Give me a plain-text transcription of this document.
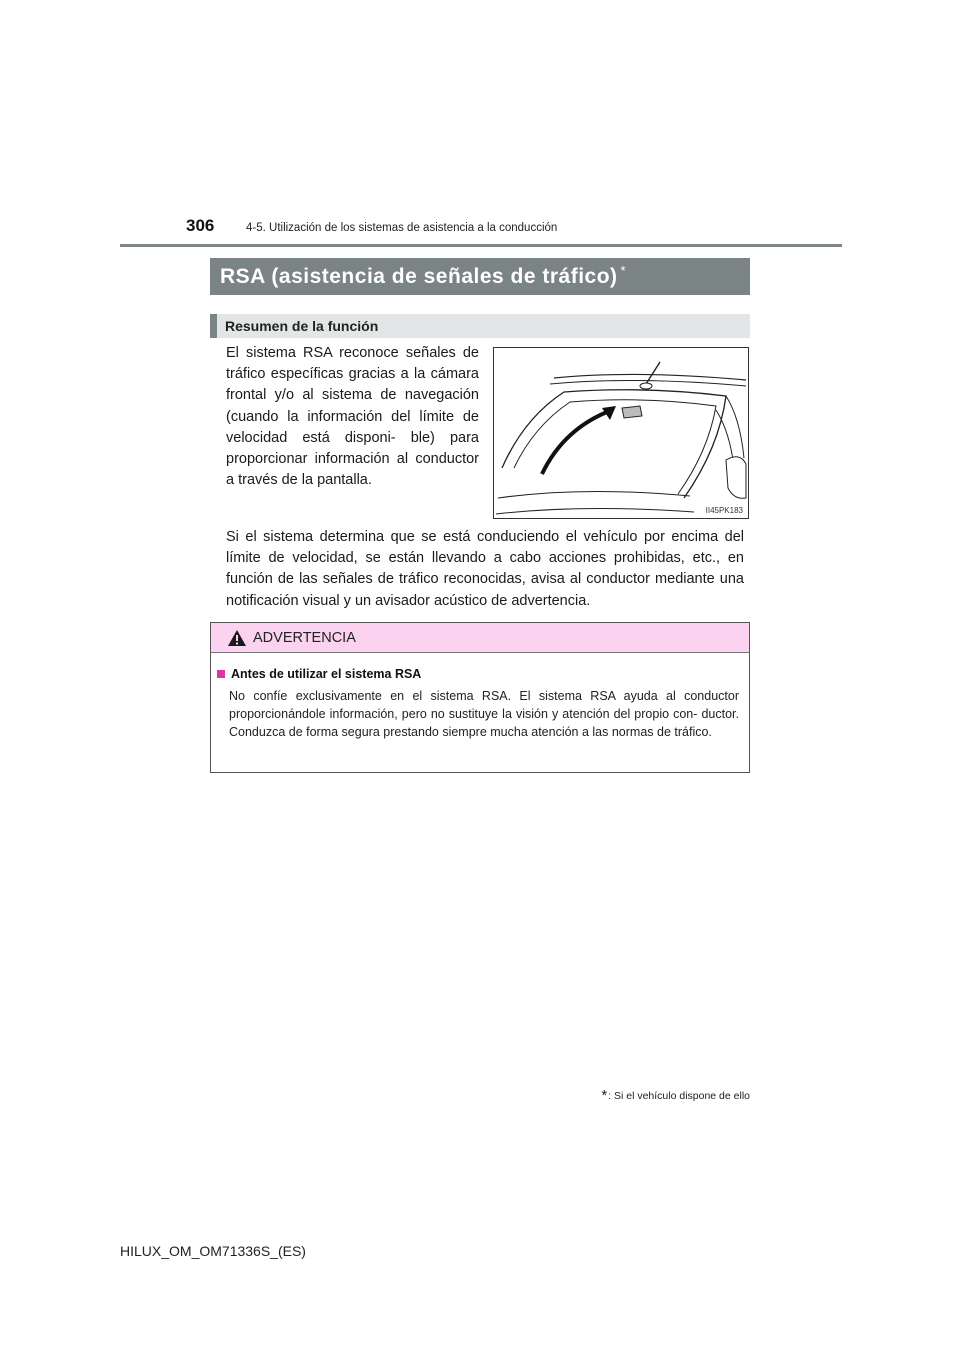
306	4-5. Utilización de los sistemas de asistencia a la conducción
RSA (asistencia de señales de tráfico)*
Resumen de la función
El sistema RSA reconoce señales de tráfico específicas gracias a la cámara frontal y/o al sistema de navegación (cuando la información del límite de velocidad está disponi- ble) para proporcionar información al conductor a través de la pantalla.
II45PK183
Si el sistema determina que se está conduciendo el vehículo por encima del límite de velocidad, se están llevando a cabo acciones prohibidas, etc., en función de las señales de tráfico reconocidas, avisa al conductor mediante una notificación visual y un avisador acústico de advertencia.
ADVERTENCIA
Antes de utilizar el sistema RSA
No confíe exclusivamente en el sistema RSA. El sistema RSA ayuda al conductor proporcionándole información, pero no sustituye la visión y atención del propio con- ductor. Conduzca de forma segura prestando siempre mucha atención a las normas de tráfico.
* : Si el vehículo dispone de ello
HILUX_OM_OM71336S_(ES)
